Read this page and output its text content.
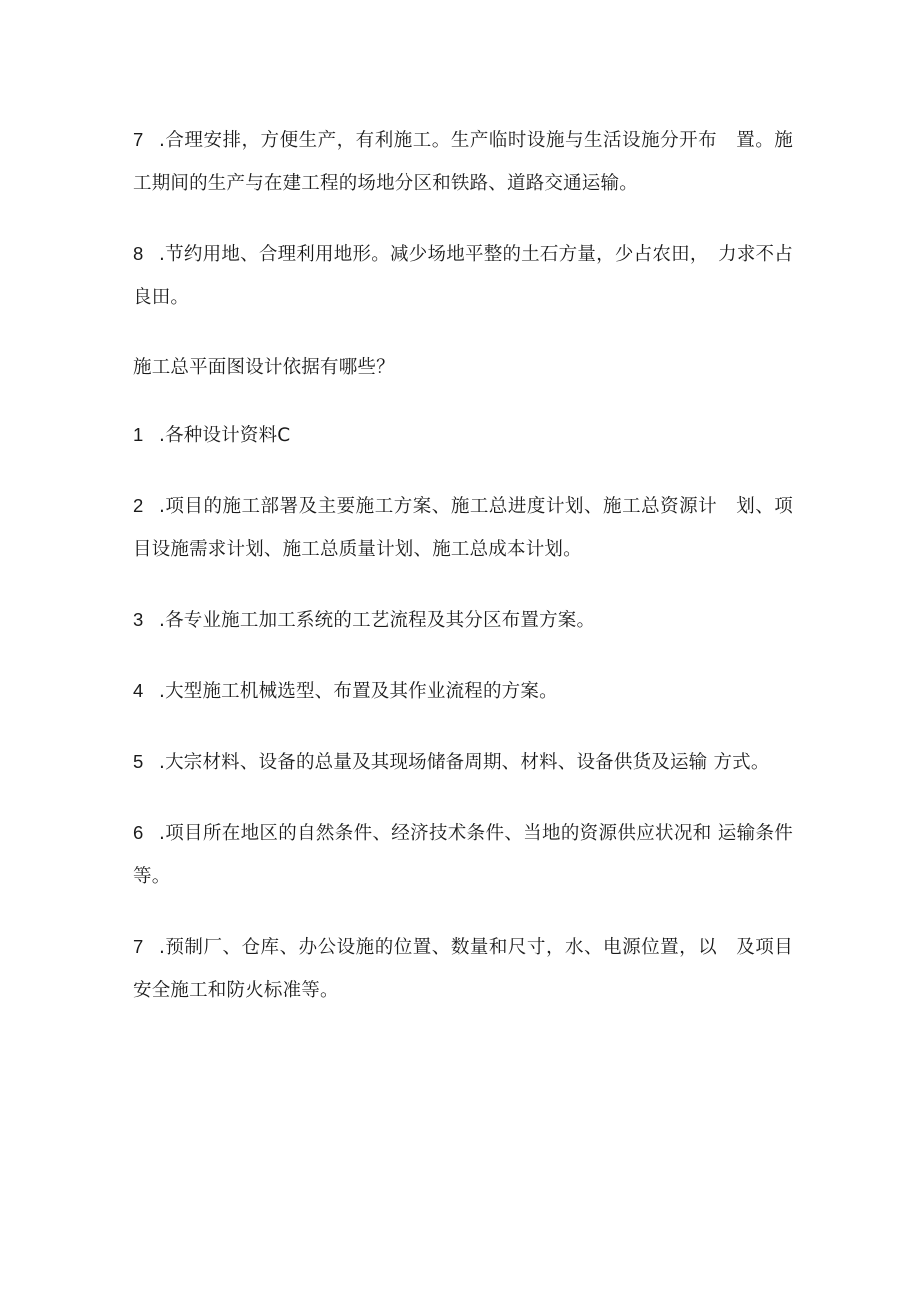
7 .合理安排，方便生产，有利施工。生产临时设施与生活设施分开布　置。施工期间的生产与在建工程的场地分区和铁路、道路交通运输。

8 .节约用地、合理利用地形。减少场地平整的土石方量，少占农田，　力求不占良田。

施工总平面图设计依据有哪些？

1 .各种设计资料C

2 .项目的施工部署及主要施工方案、施工总进度计划、施工总资源计　划、项目设施需求计划、施工总质量计划、施工总成本计划。

3 .各专业施工加工系统的工艺流程及其分区布置方案。

4 .大型施工机械选型、布置及其作业流程的方案。

5 .大宗材料、设备的总量及其现场储备周期、材料、设备供货及运输 方式。

6 .项目所在地区的自然条件、经济技术条件、当地的资源供应状况和 运输条件等。

7 .预制厂、仓库、办公设施的位置、数量和尺寸，水、电源位置，以　及项目安全施工和防火标准等。
